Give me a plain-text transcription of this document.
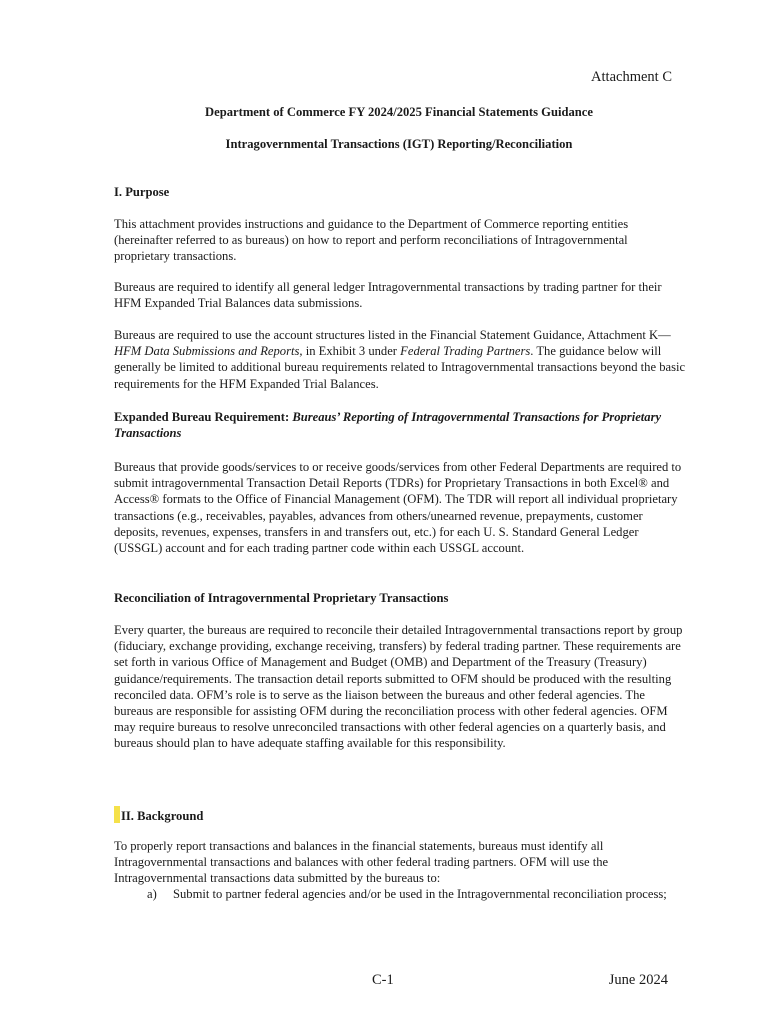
Attachment C
Department of Commerce FY 2024/2025 Financial Statements Guidance
Intragovernmental Transactions (IGT) Reporting/Reconciliation
I. Purpose

This attachment provides instructions and guidance to the Department of Commerce reporting entities (hereinafter referred to as bureaus) on how to report and perform reconciliations of Intragovernmental proprietary transactions.

Bureaus are required to identify all general ledger Intragovernmental transactions by trading partner for their HFM Expanded Trial Balances data submissions.

Bureaus are required to use the account structures listed in the Financial Statement Guidance, Attachment K—HFM Data Submissions and Reports, in Exhibit 3 under Federal Trading Partners. The guidance below will generally be limited to additional bureau requirements related to Intragovernmental transactions beyond the basic requirements for the HFM Expanded Trial Balances.

Expanded Bureau Requirement: Bureaus’ Reporting of Intragovernmental Transactions for Proprietary Transactions

Bureaus that provide goods/services to or receive goods/services from other Federal Departments are required to submit intragovernmental Transaction Detail Reports (TDRs) for Proprietary Transactions in both Excel® and Access® formats to the Office of Financial Management (OFM). The TDR will report all individual proprietary transactions (e.g., receivables, payables, advances from others/unearned revenue, prepayments, customer deposits, revenues, expenses, transfers in and transfers out, etc.) for each U. S. Standard General Ledger (USSGL) account and for each trading partner code within each USSGL account.

Reconciliation of Intragovernmental Proprietary Transactions

Every quarter, the bureaus are required to reconcile their detailed Intragovernmental transactions report by group (fiduciary, exchange providing, exchange receiving, transfers) by federal trading partner. These requirements are set forth in various Office of Management and Budget (OMB) and Department of the Treasury (Treasury) guidance/requirements. The transaction detail reports submitted to OFM should be produced with the resulting reconciled data. OFM’s role is to serve as the liaison between the bureaus and other federal agencies. The bureaus are responsible for assisting OFM during the reconciliation process with other federal agencies. OFM may require bureaus to resolve unreconciled transactions with other federal agencies on a quarterly basis, and bureaus should plan to have adequate staffing available for this responsibility.

II. Background

To properly report transactions and balances in the financial statements, bureaus must identify all Intragovernmental transactions and balances with other federal trading partners. OFM will use the Intragovernmental transactions data submitted by the bureaus to:

a) Submit to partner federal agencies and/or be used in the Intragovernmental reconciliation process;
C-1	June 2024
